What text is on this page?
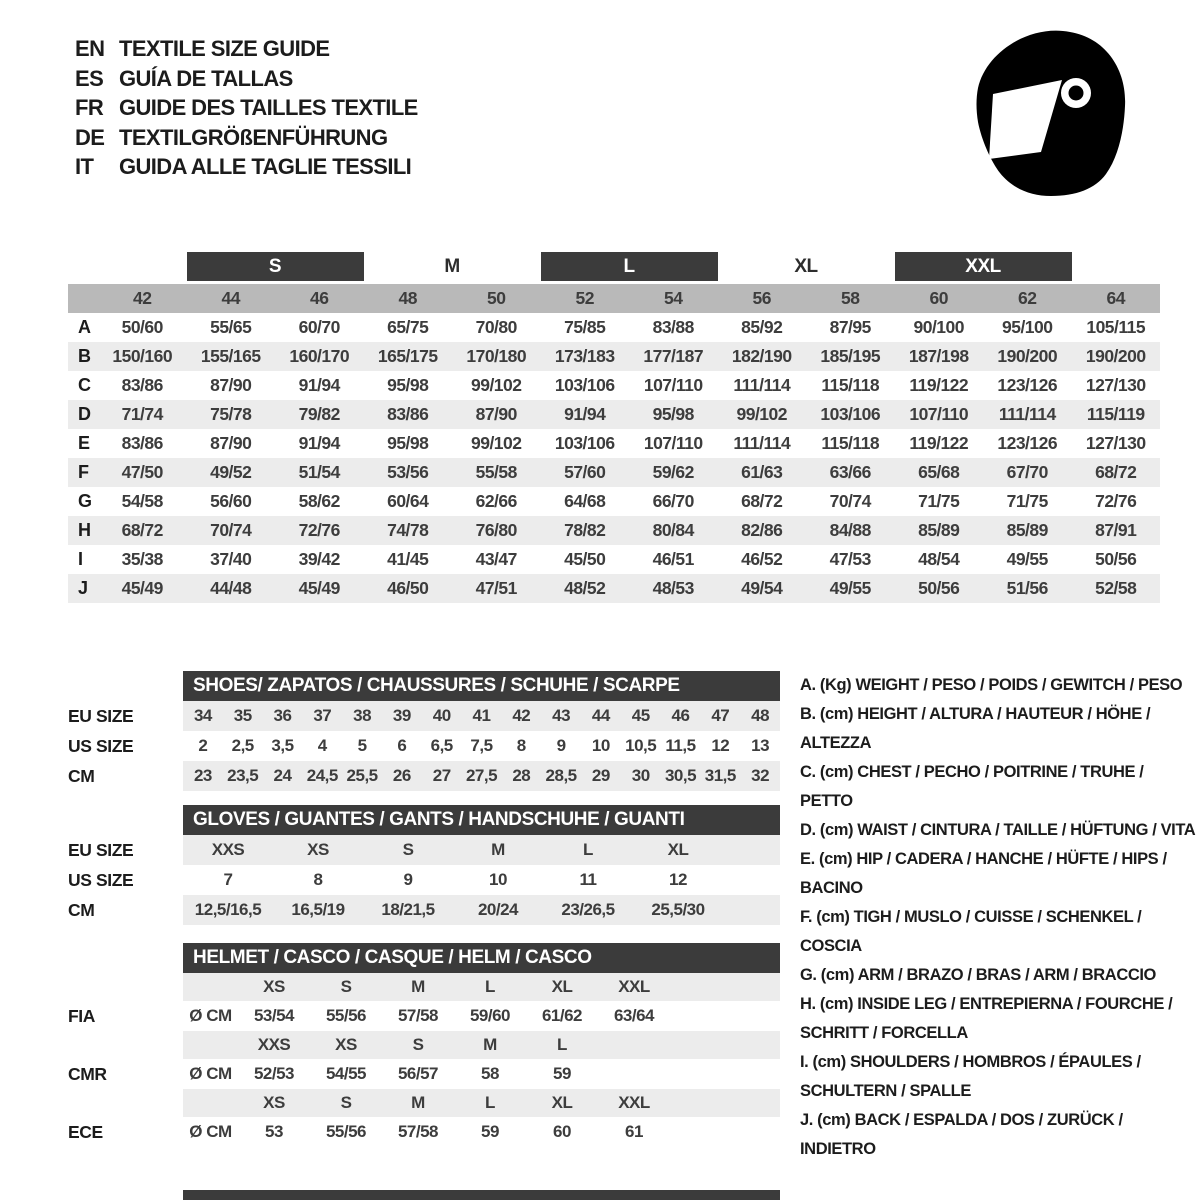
EN TEXTILE SIZE GUIDE
ES GUÍA DE TALLAS
FR GUIDE DES TAILLES TEXTILE
DE TEXTILGRÖßENFÜHRUNG
IT	GUIDA ALLE TAGLIE TESSILI
S	M	L	XL	XXL
42	44	46	48	50	52	54	56	58	60	62	64
A	50/60	55/65	60/70	65/75	70/80	75/85	83/88	85/92	87/95	90/100	95/100	105/115
B	150/160	155/165	160/170	165/175	170/180	173/183	177/187	182/190	185/195	187/198	190/200	190/200
C	83/86	87/90	91/94	95/98	99/102	103/106	107/110	111/114	115/118	119/122	123/126	127/130
D	71/74	75/78	79/82	83/86	87/90	91/94	95/98	99/102	103/106	107/110	111/114	115/119
E	83/86	87/90	91/94	95/98	99/102	103/106	107/110	111/114	115/118	119/122	123/126	127/130
F	47/50	49/52	51/54	53/56	55/58	57/60	59/62	61/63	63/66	65/68	67/70	68/72
G	54/58	56/60	58/62	60/64	62/66	64/68	66/70	68/72	70/74	71/75	71/75	72/76
H	68/72	70/74	72/76	74/78	76/80	78/82	80/84	82/86	84/88	85/89	85/89	87/91
I	35/38	37/40	39/42	41/45	43/47	45/50	46/51	46/52	47/53	48/54	49/55	50/56
J	45/49	44/48	45/49	46/50	47/51	48/52	48/53	49/54	49/55	50/56	51/56	52/58
SHOES/ ZAPATOS / CHAUSSURES / SCHUHE / SCARPE
EU SIZE	34	35	36	37	38	39	40	41	42	43	44	45	46	47	48
US SIZE	2	2,5	3,5	4	5	6	6,5	7,5	8	9	10 10,5 11,5 12	13
CM	23 23,5 24 24,5 25,5 26	27 27,5 28 28,5 29	30 30,5 31,5 32
GLOVES / GUANTES / GANTS / HANDSCHUHE / GUANTI
EU SIZE	XXS	XS	S	M	L	XL
US SIZE	7	8	9	10	11	12
CM	12,5/16,5	16,5/19	18/21,5	20/24	23/26,5	25,5/30
HELMET / CASCO / CASQUE / HELM / CASCO
XS	S	M	L	XL	XXL
FIA	Ø CM	53/54	55/56	57/58	59/60	61/62	63/64
XXS	XS	S	M	L
CMR	Ø CM	52/53	54/55	56/57	58	59
XS	S	M	L	XL	XXL
ECE	Ø CM	53	55/56	57/58	59	60	61
A. (Kg) WEIGHT / PESO / POIDS / GEWITCH / PESO
B. (cm) HEIGHT / ALTURA / HAUTEUR / HÖHE / ALTEZZA
C. (cm) CHEST / PECHO / POITRINE / TRUHE / PETTO
D. (cm) WAIST / CINTURA / TAILLE / HÜFTUNG / VITA
E. (cm) HIP / CADERA / HANCHE / HÜFTE / HIPS / BACINO
F. (cm) TIGH / MUSLO / CUISSE / SCHENKEL / COSCIA
G. (cm) ARM / BRAZO / BRAS / ARM / BRACCIO
H. (cm) INSIDE LEG / ENTREPIERNA / FOURCHE / SCHRITT / FORCELLA
I. (cm) SHOULDERS / HOMBROS / ÉPAULES / SCHULTERN / SPALLE
J. (cm) BACK / ESPALDA / DOS / ZURÜCK / INDIETRO
